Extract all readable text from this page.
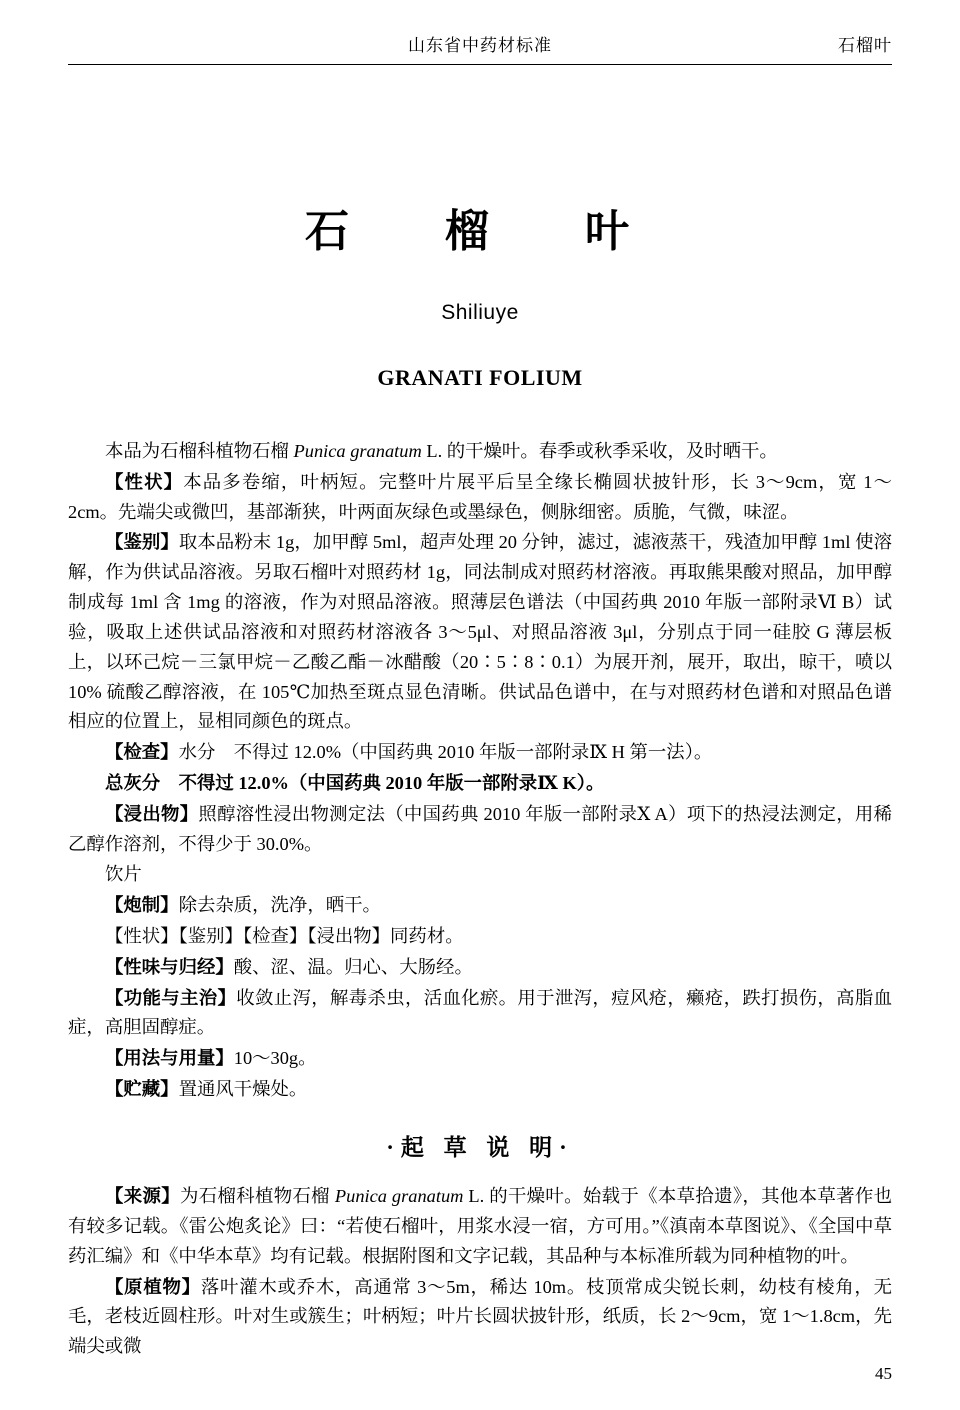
山东省中药材标准	石榴叶
石　榴　叶
Shiliuye
GRANATI FOLIUM

本品为石榴科植物石榴 Punica granatum L. 的干燥叶。春季或秋季采收，及时晒干。

【性状】本品多卷缩，叶柄短。完整叶片展平后呈全缘长椭圆状披针形，长 3～9cm，宽 1～2cm。先端尖或微凹，基部渐狭，叶两面灰绿色或墨绿色，侧脉细密。质脆，气微，味涩。

【鉴别】取本品粉末 1g，加甲醇 5ml，超声处理 20 分钟，滤过，滤液蒸干，残渣加甲醇 1ml 使溶解，作为供试品溶液。另取石榴叶对照药材 1g，同法制成对照药材溶液。再取熊果酸对照品，加甲醇制成每 1ml 含 1mg 的溶液，作为对照品溶液。照薄层色谱法（中国药典 2010 年版一部附录Ⅵ B）试验，吸取上述供试品溶液和对照药材溶液各 3～5μl、对照品溶液 3μl，分别点于同一硅胶 G 薄层板上，以环己烷－三氯甲烷－乙酸乙酯－冰醋酸（20∶5∶8∶0.1）为展开剂，展开，取出，晾干，喷以 10% 硫酸乙醇溶液，在 105℃加热至斑点显色清晰。供试品色谱中，在与对照药材色谱和对照品色谱相应的位置上，显相同颜色的斑点。

【检查】水分　不得过 12.0%（中国药典 2010 年版一部附录Ⅸ H 第一法）。

总灰分　不得过 12.0%（中国药典 2010 年版一部附录Ⅸ K）。

【浸出物】照醇溶性浸出物测定法（中国药典 2010 年版一部附录Ⅹ A）项下的热浸法测定，用稀乙醇作溶剂，不得少于 30.0%。

饮片

【炮制】除去杂质，洗净，晒干。

【性状】【鉴别】【检查】【浸出物】同药材。

【性味与归经】酸、涩、温。归心、大肠经。

【功能与主治】收敛止泻，解毒杀虫，活血化瘀。用于泄泻，痘风疮，癞疮，跌打损伤，高脂血症，高胆固醇症。

【用法与用量】10～30g。

【贮藏】置通风干燥处。

·起 草 说 明·

【来源】为石榴科植物石榴 Punica granatum L. 的干燥叶。始载于《本草拾遗》，其他本草著作也有较多记载。《雷公炮炙论》曰：“若使石榴叶，用浆水浸一宿，方可用。”《滇南本草图说》、《全国中草药汇编》和《中华本草》均有记载。根据附图和文字记载，其品种与本标准所载为同种植物的叶。

【原植物】落叶灌木或乔木，高通常 3～5m，稀达 10m。枝顶常成尖锐长刺，幼枝有棱角，无毛，老枝近圆柱形。叶对生或簇生；叶柄短；叶片长圆状披针形，纸质，长 2～9cm，宽 1～1.8cm，先端尖或微

45
